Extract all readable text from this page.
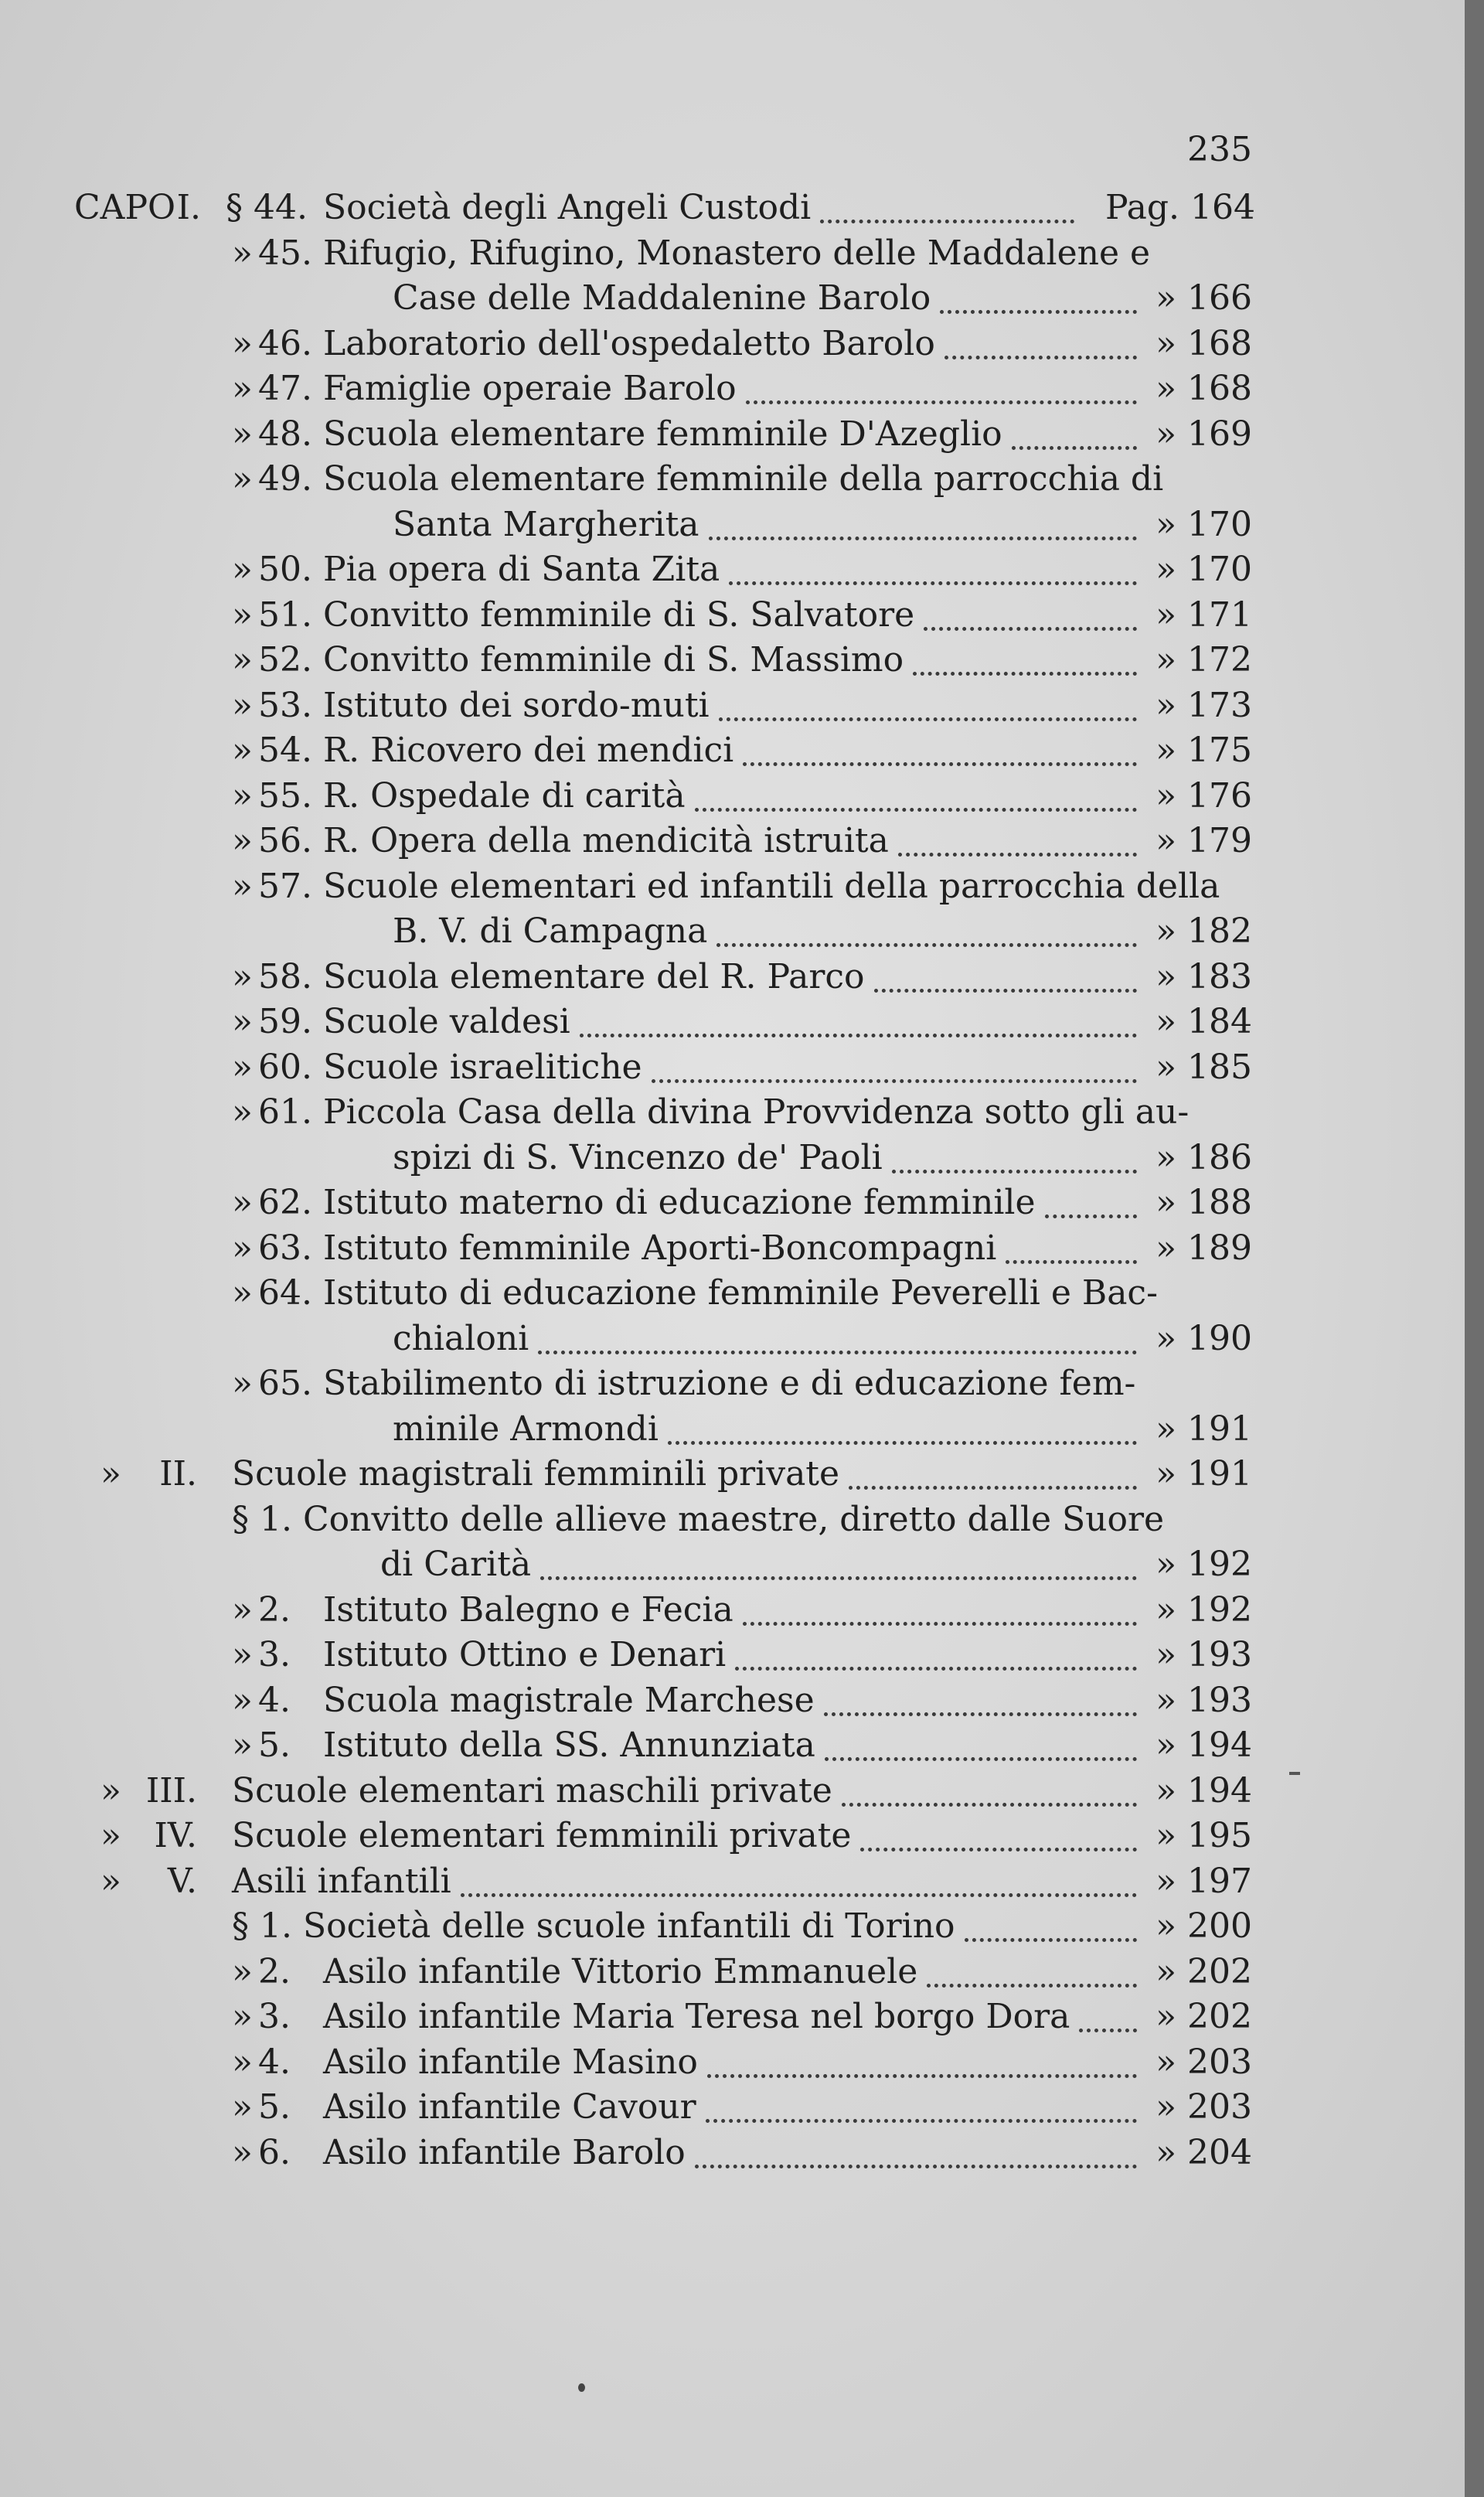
235
CAPO I. § 44. Società degli Angeli Custodi	Pag. 164
» 45. Rifugio, Rifugino, Monastero delle Maddalene e
Case delle Maddalenine Barolo	» 166
» 46. Laboratorio dell'ospedaletto Barolo	» 168
» 47. Famiglie operaie Barolo	» 168
» 48. Scuola elementare femminile D'Azeglio	» 169
» 49. Scuola elementare femminile della parrocchia di
Santa Margherita	» 170
» 50. Pia opera di Santa Zita	» 170
» 51. Convitto femminile di S. Salvatore	» 171
» 52. Convitto femminile di S. Massimo	» 172
» 53. Istituto dei sordo-muti	» 173
» 54. R. Ricovero dei mendici	» 175
» 55. R. Ospedale di carità	» 176
» 56. R. Opera della mendicità istruita	» 179
» 57. Scuole elementari ed infantili della parrocchia della
B. V. di Campagna	» 182
» 58. Scuola elementare del R. Parco	» 183
» 59. Scuole valdesi	» 184
» 60. Scuole israelitiche	» 185
» 61. Piccola Casa della divina Provvidenza sotto gli au-
spizi di S. Vincenzo de' Paoli	» 186
» 62. Istituto materno di educazione femminile	» 188
» 63. Istituto femminile Aporti-Boncompagni	» 189
» 64. Istituto di educazione femminile Peverelli e Bac-
chialoni	» 190
» 65. Stabilimento di istruzione e di educazione fem-
minile Armondi	» 191
»	II. Scuole magistrali femminili private	» 191
§ 1. Convitto delle allieve maestre, diretto dalle Suore
di Carità	» 192
» 2. Istituto Balegno e Fecia	» 192
» 3. Istituto Ottino e Denari	» 193
» 4. Scuola magistrale Marchese	» 193
» 5. Istituto della SS. Annunziata	» 194
» III. Scuole elementari maschili private	» 194
» IV. Scuole elementari femminili private	» 195
»	V. Asili infantili	» 197
§ 1. Società delle scuole infantili di Torino	» 200
» 2. Asilo infantile Vittorio Emmanuele	» 202
» 3. Asilo infantile Maria Teresa nel borgo Dora	» 202
» 4. Asilo infantile Masino	» 203
» 5. Asilo infantile Cavour	» 203
» 6. Asilo infantile Barolo	» 204
